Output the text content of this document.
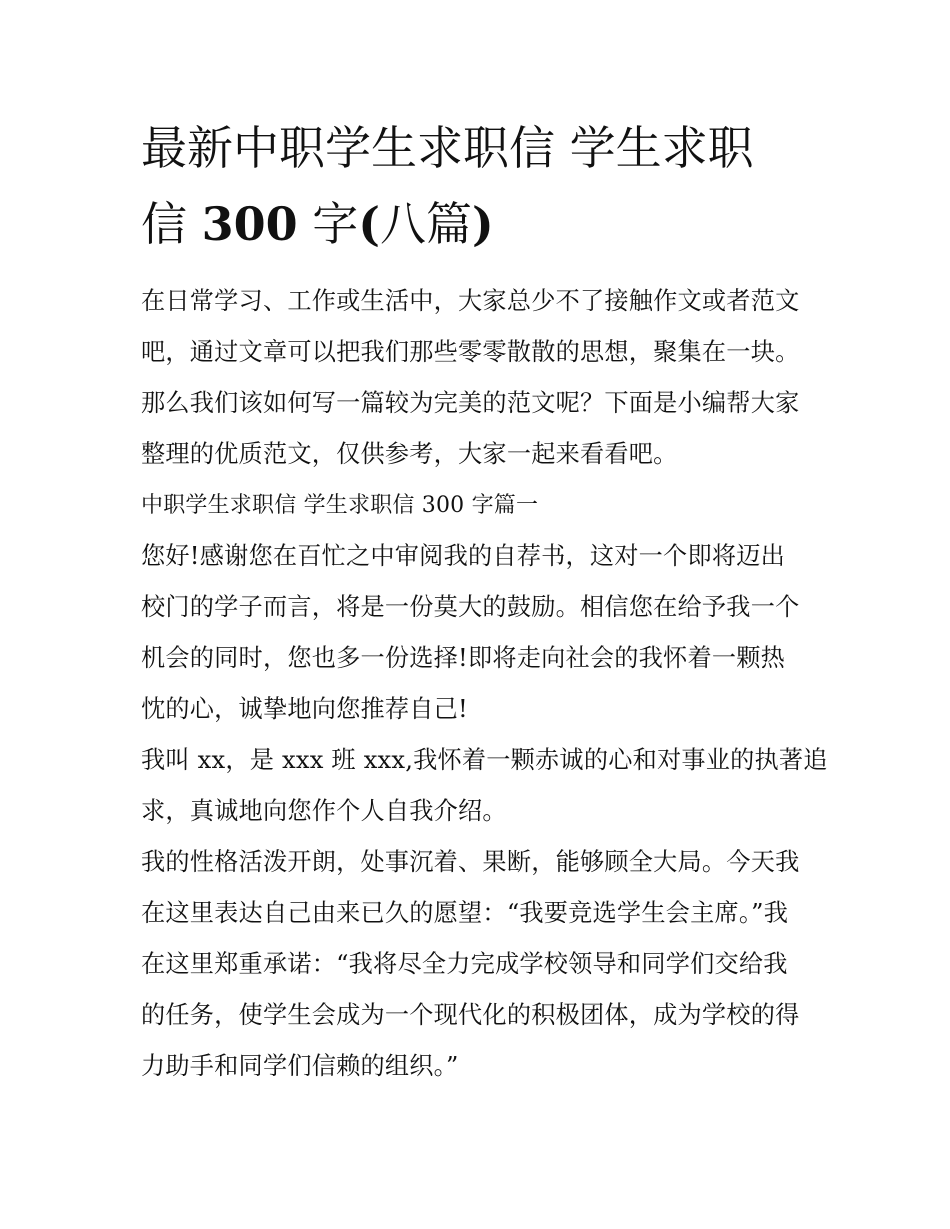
最新中职学生求职信 学生求职
信 300 字(八篇)

在日常学习、工作或生活中，大家总少不了接触作文或者范文

吧，通过文章可以把我们那些零零散散的思想，聚集在一块。

那么我们该如何写一篇较为完美的范文呢？下面是小编帮大家

整理的优质范文，仅供参考，大家一起来看看吧。

中职学生求职信 学生求职信 300 字篇一

您好!感谢您在百忙之中审阅我的自荐书，这对一个即将迈出

校门的学子而言，将是一份莫大的鼓励。相信您在给予我一个

机会的同时，您也多一份选择!即将走向社会的我怀着一颗热

忱的心，诚挚地向您推荐自己!

我叫 xx，是 xxx 班 xxx,我怀着一颗赤诚的心和对事业的执著追

求，真诚地向您作个人自我介绍。

我的性格活泼开朗，处事沉着、果断，能够顾全大局。今天我

在这里表达自己由来已久的愿望：“我要竞选学生会主席。”我

在这里郑重承诺：“我将尽全力完成学校领导和同学们交给我

的任务，使学生会成为一个现代化的积极团体，成为学校的得

力助手和同学们信赖的组织。”
